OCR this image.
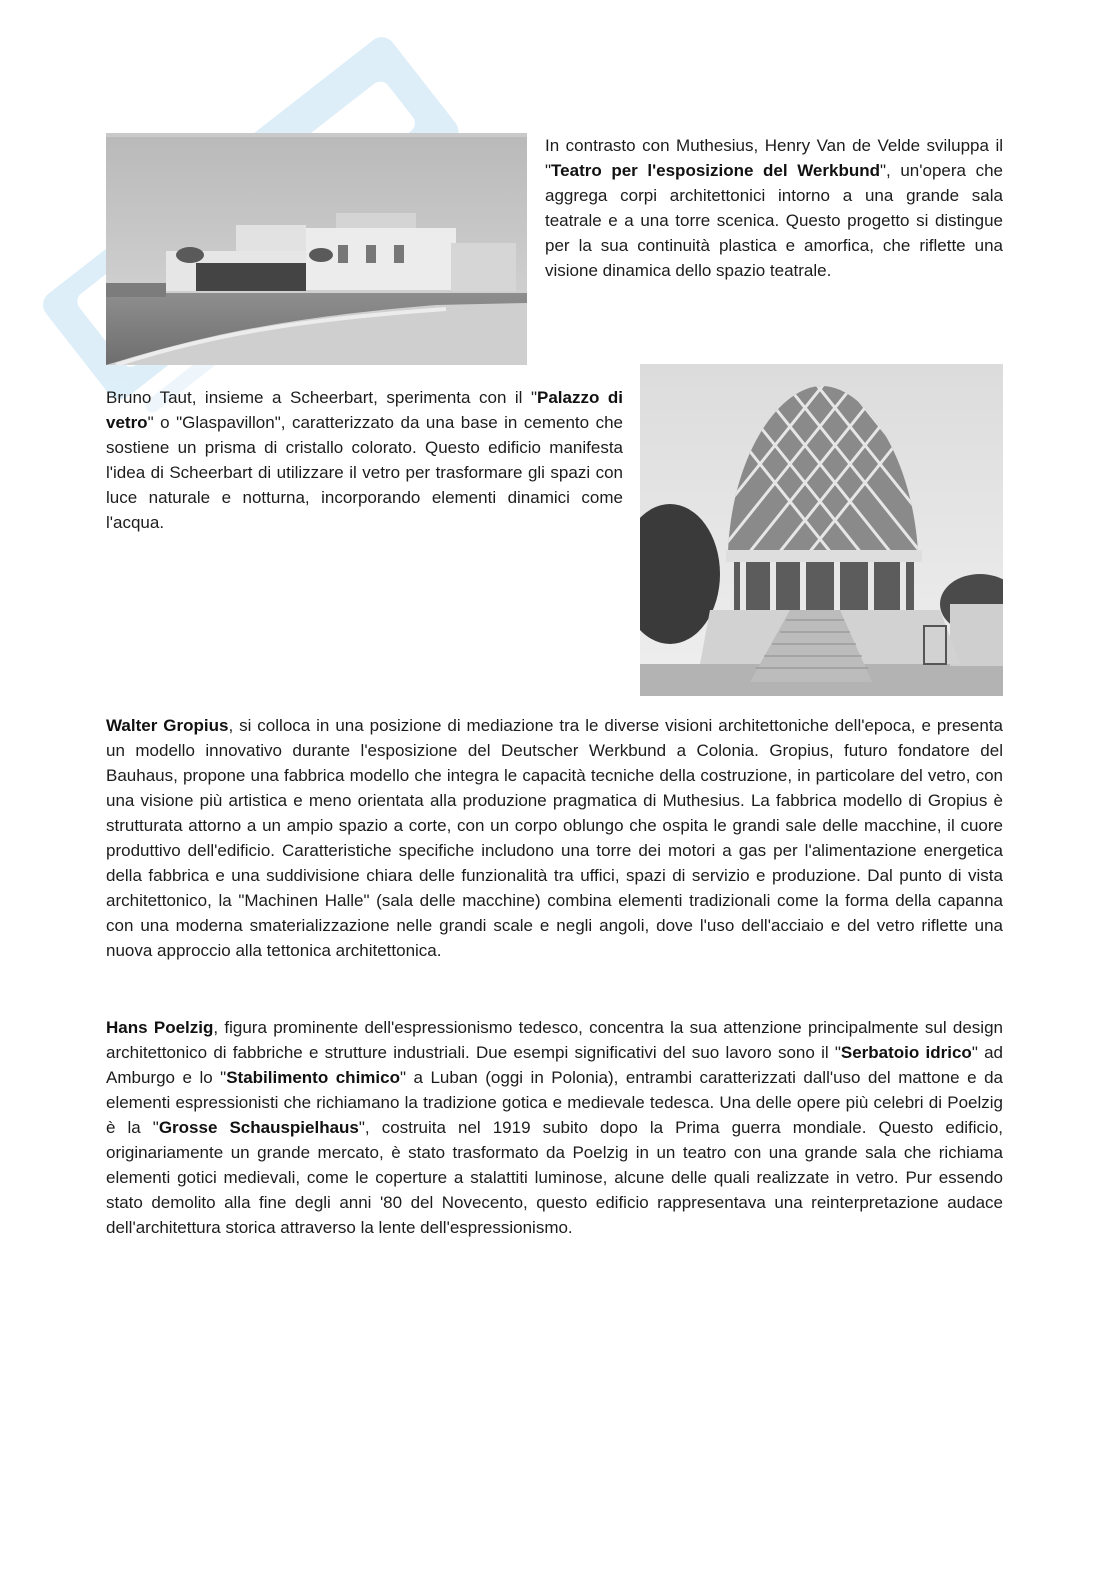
In contrasto con Muthesius, Henry Van de Velde sviluppa il "Teatro per l'esposizione del Werkbund", un'opera che aggrega corpi architettonici intorno a una grande sala teatrale e a una torre scenica. Questo progetto si distingue per la sua continuità plastica e amorfica, che riflette una visione dinamica dello spazio teatrale.

Bruno Taut, insieme a Scheerbart, sperimenta con il "Palazzo di vetro" o "Glaspavillon", caratterizzato da una base in cemento che sostiene un prisma di cristallo colorato. Questo edificio manifesta l'idea di Scheerbart di utilizzare il vetro per trasformare gli spazi con luce naturale e notturna, incorporando elementi dinamici come l'acqua.

Walter Gropius, si colloca in una posizione di mediazione tra le diverse visioni architettoniche dell'epoca, e presenta un modello innovativo durante l'esposizione del Deutscher Werkbund a Colonia. Gropius, futuro fondatore del Bauhaus, propone una fabbrica modello che integra le capacità tecniche della costruzione, in particolare del vetro, con una visione più artistica e meno orientata alla produzione pragmatica di Muthesius. La fabbrica modello di Gropius è strutturata attorno a un ampio spazio a corte, con un corpo oblungo che ospita le grandi sale delle macchine, il cuore produttivo dell'edificio. Caratteristiche specifiche includono una torre dei motori a gas per l'alimentazione energetica della fabbrica e una suddivisione chiara delle funzionalità tra uffici, spazi di servizio e produzione. Dal punto di vista architettonico, la "Machinen Halle" (sala delle macchine) combina elementi tradizionali come la forma della capanna con una moderna smaterializzazione nelle grandi scale e negli angoli, dove l'uso dell'acciaio e del vetro riflette una nuova approccio alla tettonica architettonica.

Hans Poelzig, figura prominente dell'espressionismo tedesco, concentra la sua attenzione principalmente sul design architettonico di fabbriche e strutture industriali. Due esempi significativi del suo lavoro sono il "Serbatoio idrico" ad Amburgo e lo "Stabilimento chimico" a Luban (oggi in Polonia), entrambi caratterizzati dall'uso del mattone e da elementi espressionisti che richiamano la tradizione gotica e medievale tedesca. Una delle opere più celebri di Poelzig è la "Grosse Schauspielhaus", costruita nel 1919 subito dopo la Prima guerra mondiale. Questo edificio, originariamente un grande mercato, è stato trasformato da Poelzig in un teatro con una grande sala che richiama elementi gotici medievali, come le coperture a stalattiti luminose, alcune delle quali realizzate in vetro. Pur essendo stato demolito alla fine degli anni '80 del Novecento, questo edificio rappresentava una reinterpretazione audace dell'architettura storica attraverso la lente dell'espressionismo.
